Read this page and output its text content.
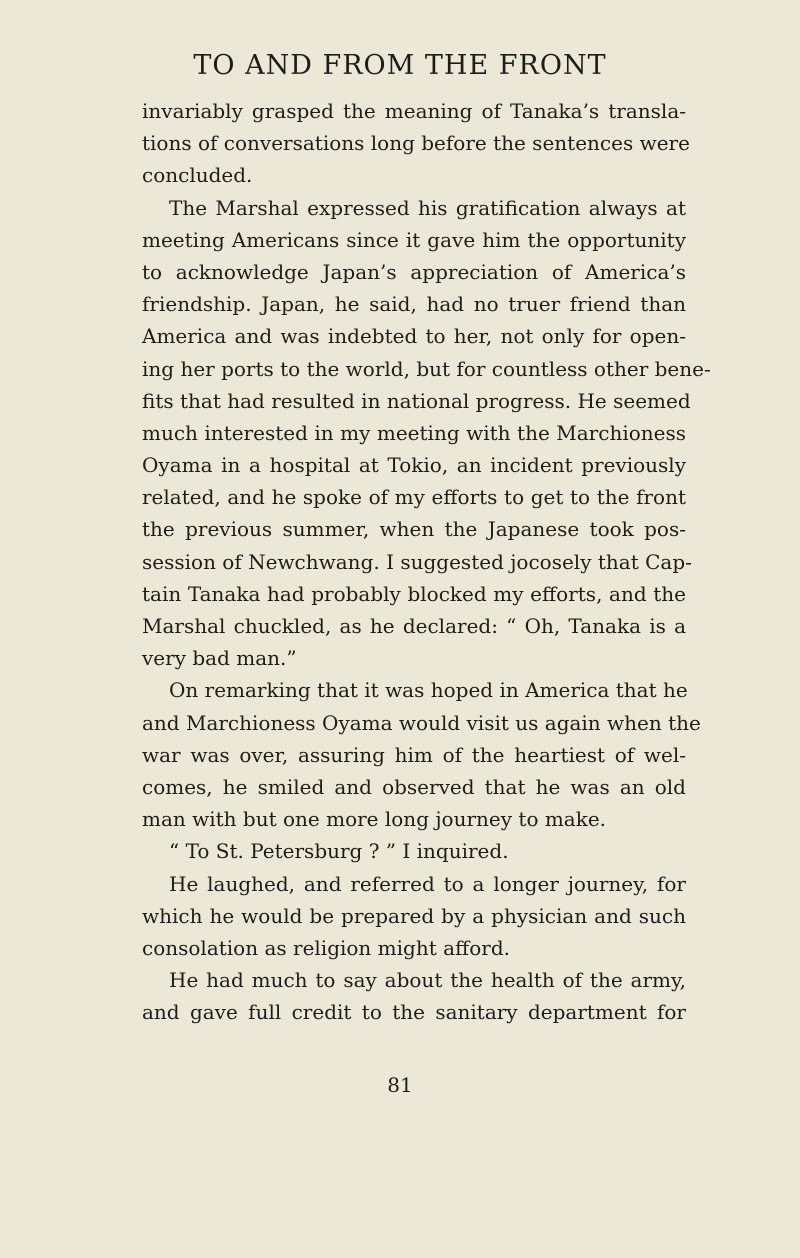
TO AND FROM THE FRONT
invariably grasped the meaning of Tanaka’s transla-
tions of conversations long before the sentences were
concluded.
The Marshal expressed his gratification always at
meeting Americans since it gave him the opportunity
to acknowledge Japan’s appreciation of America’s
friendship. Japan, he said, had no truer friend than
America and was indebted to her, not only for open-
ing her ports to the world, but for countless other bene-
fits that had resulted in national progress. He seemed
much interested in my meeting with the Marchioness
Oyama in a hospital at Tokio, an incident previously
related, and he spoke of my efforts to get to the front
the previous summer, when the Japanese took pos-
session of Newchwang. I suggested jocosely that Cap-
tain Tanaka had probably blocked my efforts, and the
Marshal chuckled, as he declared: “ Oh, Tanaka is a
very bad man.”
On remarking that it was hoped in America that he
and Marchioness Oyama would visit us again when the
war was over, assuring him of the heartiest of wel-
comes, he smiled and observed that he was an old
man with but one more long journey to make.
“ To St. Petersburg ? ” I inquired.
He laughed, and referred to a longer journey, for
which he would be prepared by a physician and such
consolation as religion might afford.
He had much to say about the health of the army,
and gave full credit to the sanitary department for
81
